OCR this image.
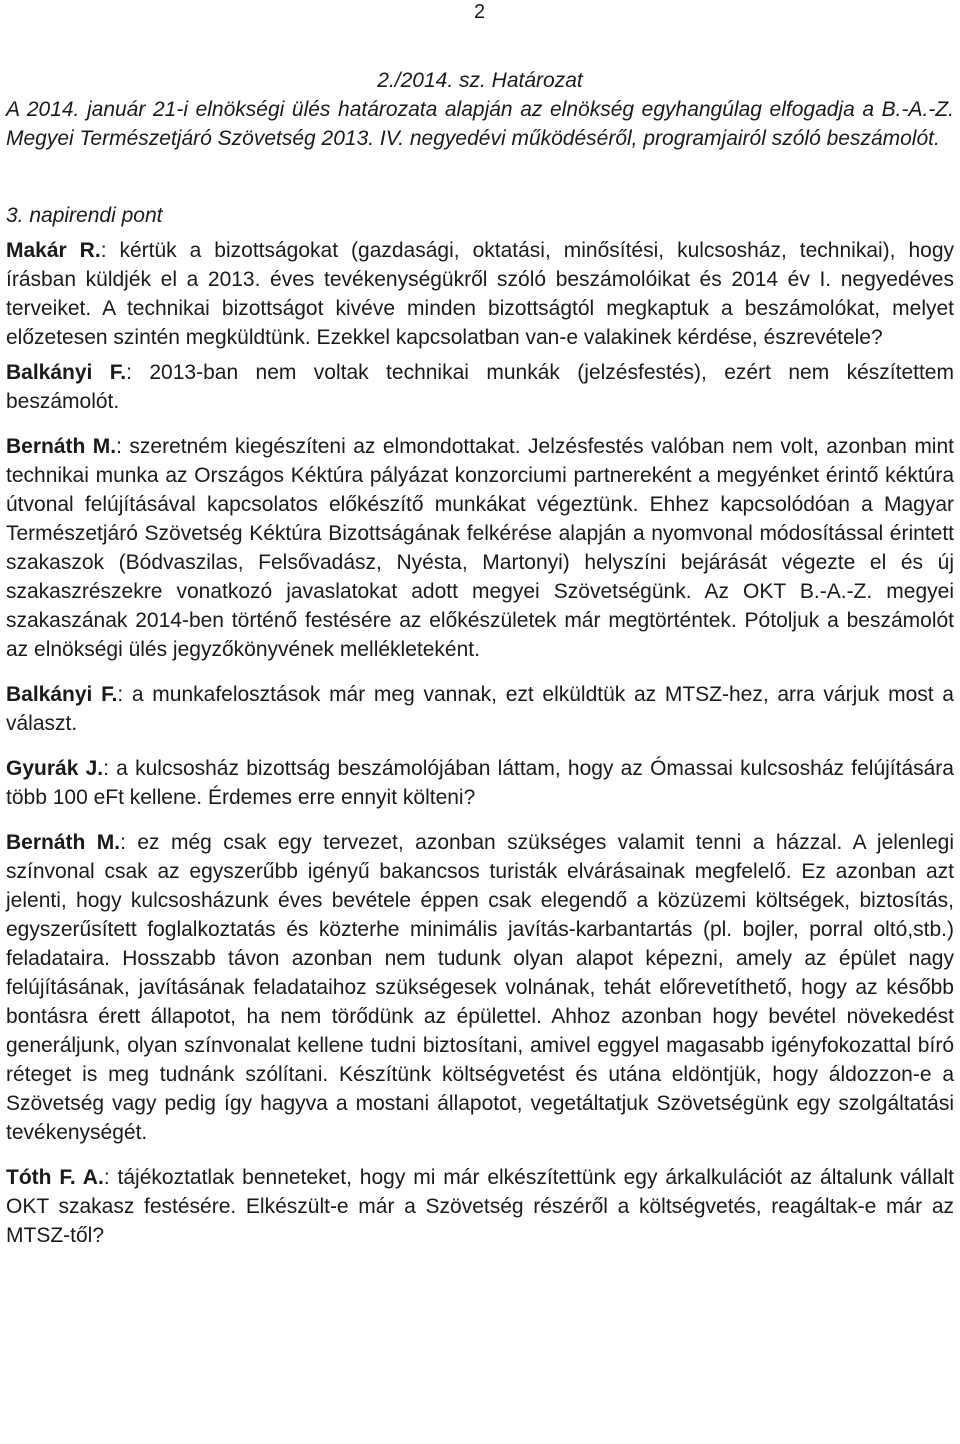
2

2./2014. sz. Határozat

A 2014. január 21-i elnökségi ülés határozata alapján az elnökség egyhangúlag elfogadja a B.-A.-Z. Megyei Természetjáró Szövetség 2013. IV. negyedévi működéséről, programjairól szóló beszámolót.

3. napirendi pont

Makár R.: kértük a bizottságokat (gazdasági, oktatási, minősítési, kulcsosház, technikai), hogy írásban küldjék el a 2013. éves tevékenységükről szóló beszámolóikat és 2014 év I. negyedéves terveiket. A technikai bizottságot kivéve minden bizottságtól megkaptuk a beszámolókat, melyet előzetesen szintén megküldtünk. Ezekkel kapcsolatban van-e valakinek kérdése, észrevétele?

Balkányi F.: 2013-ban nem voltak technikai munkák (jelzésfestés), ezért nem készítettem beszámolót.

Bernáth M.: szeretném kiegészíteni az elmondottakat. Jelzésfestés valóban nem volt, azonban mint technikai munka az Országos Kéktúra pályázat konzorciumi partnereként a megyénket érintő kéktúra útvonal felújításával kapcsolatos előkészítő munkákat végeztünk. Ehhez kapcsolódóan a Magyar Természetjáró Szövetség Kéktúra Bizottságának felkérése alapján a nyomvonal módosítással érintett szakaszok (Bódvaszilas, Felsővadász, Nyésta, Martonyi) helyszíni bejárását végezte el és új szakaszrészekre vonatkozó javaslatokat adott megyei Szövetségünk. Az OKT B.-A.-Z. megyei szakaszának 2014-ben történő festésére az előkészületek már megtörténtek. Pótoljuk a beszámolót az elnökségi ülés jegyzőkönyvének mellékleteként.

Balkányi F.: a munkafelosztások már meg vannak, ezt elküldtük az MTSZ-hez, arra várjuk most a választ.

Gyurák J.: a kulcsosház bizottság beszámolójában láttam, hogy az Ómassai kulcsosház felújítására több 100 eFt kellene. Érdemes erre ennyit költeni?

Bernáth M.: ez még csak egy tervezet, azonban szükséges valamit tenni a házzal. A jelenlegi színvonal csak az egyszerűbb igényű bakancsos turisták elvárásainak megfelelő. Ez azonban azt jelenti, hogy kulcsosházunk éves bevétele éppen csak elegendő a közüzemi költségek, biztosítás, egyszerűsített foglalkoztatás és közterhe minimális javítás-karbantartás (pl. bojler, porral oltó,stb.) feladataira. Hosszabb távon azonban nem tudunk olyan alapot képezni, amely az épület nagy felújításának, javításának feladataihoz szükségesek volnának, tehát előrevetíthető, hogy az később bontásra érett állapotot, ha nem törődünk az épülettel. Ahhoz azonban hogy bevétel növekedést generáljunk, olyan színvonalat kellene tudni biztosítani, amivel eggyel magasabb igényfokozattal bíró réteget is meg tudnánk szólítani. Készítünk költségvetést és utána eldöntjük, hogy áldozzon-e a Szövetség vagy pedig így hagyva a mostani állapotot, vegetáltatjuk Szövetségünk egy szolgáltatási tevékenységét.

Tóth F. A.: tájékoztatlak benneteket, hogy mi már elkészítettünk egy árkalkulációt az általunk vállalt OKT szakasz festésére. Elkészült-e már a Szövetség részéről a költségvetés, reagáltak-e már az MTSZ-től?
